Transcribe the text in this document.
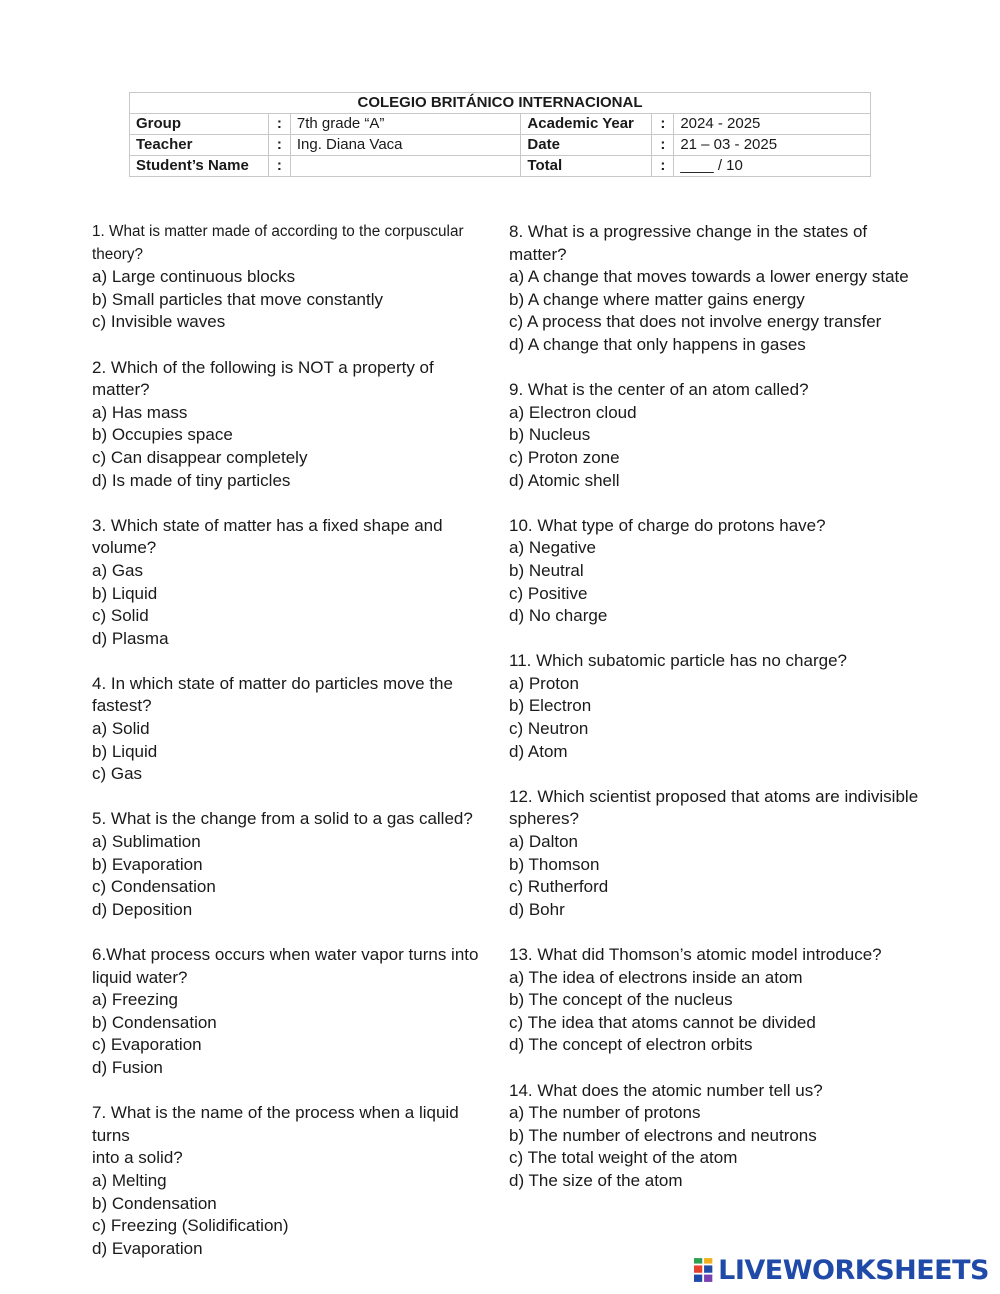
COLEGIO BRITÁNICO INTERNACIONAL					
Group	:	7th grade “A”	Academic Year	:	2024 - 2025
Teacher	:	Ing. Diana Vaca	Date	:	21 – 03 - 2025
Student’s Name	:		Total	:	____ / 10
1. What is matter made of according to the corpuscular
theory?
a) Large continuous blocks
b) Small particles that move constantly
c) Invisible waves
2. Which of the following is NOT a property of matter?
a) Has mass
b) Occupies space
c) Can disappear completely
d) Is made of tiny particles
3. Which state of matter has a fixed shape and volume?
a) Gas
b) Liquid
c) Solid
d) Plasma
4. In which state of matter do particles move the
fastest?
a) Solid
b) Liquid
c) Gas
5. What is the change from a solid to a gas called?
a) Sublimation
b) Evaporation
c) Condensation
d) Deposition
6.What process occurs when water vapor turns into
liquid water?
a) Freezing
b) Condensation
c) Evaporation
d) Fusion
7. What is the name of the process when a liquid turns
into a solid?
a) Melting
b) Condensation
c) Freezing (Solidification)
d) Evaporation
8. What is a progressive change in the states of matter?
a) A change that moves towards a lower energy state
b) A change where matter gains energy
c) A process that does not involve energy transfer
d) A change that only happens in gases
9. What is the center of an atom called?
a) Electron cloud
b) Nucleus
c) Proton zone
d) Atomic shell
10. What type of charge do protons have?
a) Negative
b) Neutral
c) Positive
d) No charge
11. Which subatomic particle has no charge?
a) Proton
b) Electron
c) Neutron
d) Atom
12. Which scientist proposed that atoms are indivisible
spheres?
a) Dalton
b) Thomson
c) Rutherford
d) Bohr
13. What did Thomson’s atomic model introduce?
a) The idea of electrons inside an atom
b) The concept of the nucleus
c) The idea that atoms cannot be divided
d) The concept of electron orbits
14. What does the atomic number tell us?
a) The number of protons
b) The number of electrons and neutrons
c) The total weight of the atom
d) The size of the atom
LIVEWORKSHEETS
